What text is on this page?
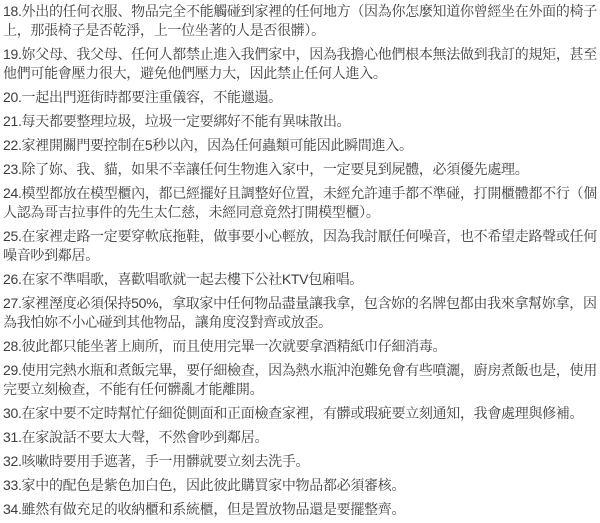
18.外出的任何衣服、物品完全不能觸碰到家裡的任何地方（因為你怎麼知道你曾經坐在外面的椅子上，那張椅子是否乾淨，上一位坐著的人是否很髒）。

19.妳父母、我父母、任何人都禁止進入我們家中，因為我擔心他們根本無法做到我訂的規矩，甚至他們可能會壓力很大，避免他們壓力大，因此禁止任何人進入。

20.一起出門逛街時都要注重儀容，不能邋遢。

21.每天都要整理垃圾，垃圾一定要綁好不能有異味散出。

22.家裡開關門要控制在5秒以內，因為任何蟲類可能因此瞬間進入。

23.除了妳、我、貓，如果不幸讓任何生物進入家中，一定要見到屍體，必須優先處理。

24.模型都放在模型櫃內，都已經擺好且調整好位置，未經允許連手都不準碰，打開櫃體都不行（個人認為哥吉拉事件的先生太仁慈，未經同意竟然打開模型櫃）。

25.在家裡走路一定要穿軟底拖鞋，做事要小心輕放，因為我討厭任何噪音，也不希望走路聲或任何噪音吵到鄰居。

26.在家不準唱歌，喜歡唱歌就一起去樓下公社KTV包廂唱。

27.家裡溼度必須保持50%，拿取家中任何物品盡量讓我拿，包含妳的名牌包都由我來拿幫妳拿，因為我怕妳不小心碰到其他物品，讓角度沒對齊或放歪。

28.彼此都只能坐著上廁所，而且使用完畢一次就要拿酒精紙巾仔細消毒。

29.使用完熱水瓶和煮飯完畢，要仔細檢查，因為熱水瓶沖泡難免會有些噴灑，廚房煮飯也是，使用完要立刻檢查，不能有任何髒亂才能離開。

30.在家中要不定時幫忙仔細從側面和正面檢查家裡，有髒或瑕疵要立刻通知，我會處理與修補。

31.在家說話不要太大聲，不然會吵到鄰居。

32.咳嗽時要用手遮著，手一用髒就要立刻去洗手。

33.家中的配色是紫色加白色，因此彼此購買家中物品都必須審核。

34.雖然有做充足的收納櫃和系統櫃，但是置放物品還是要擺整齊。
